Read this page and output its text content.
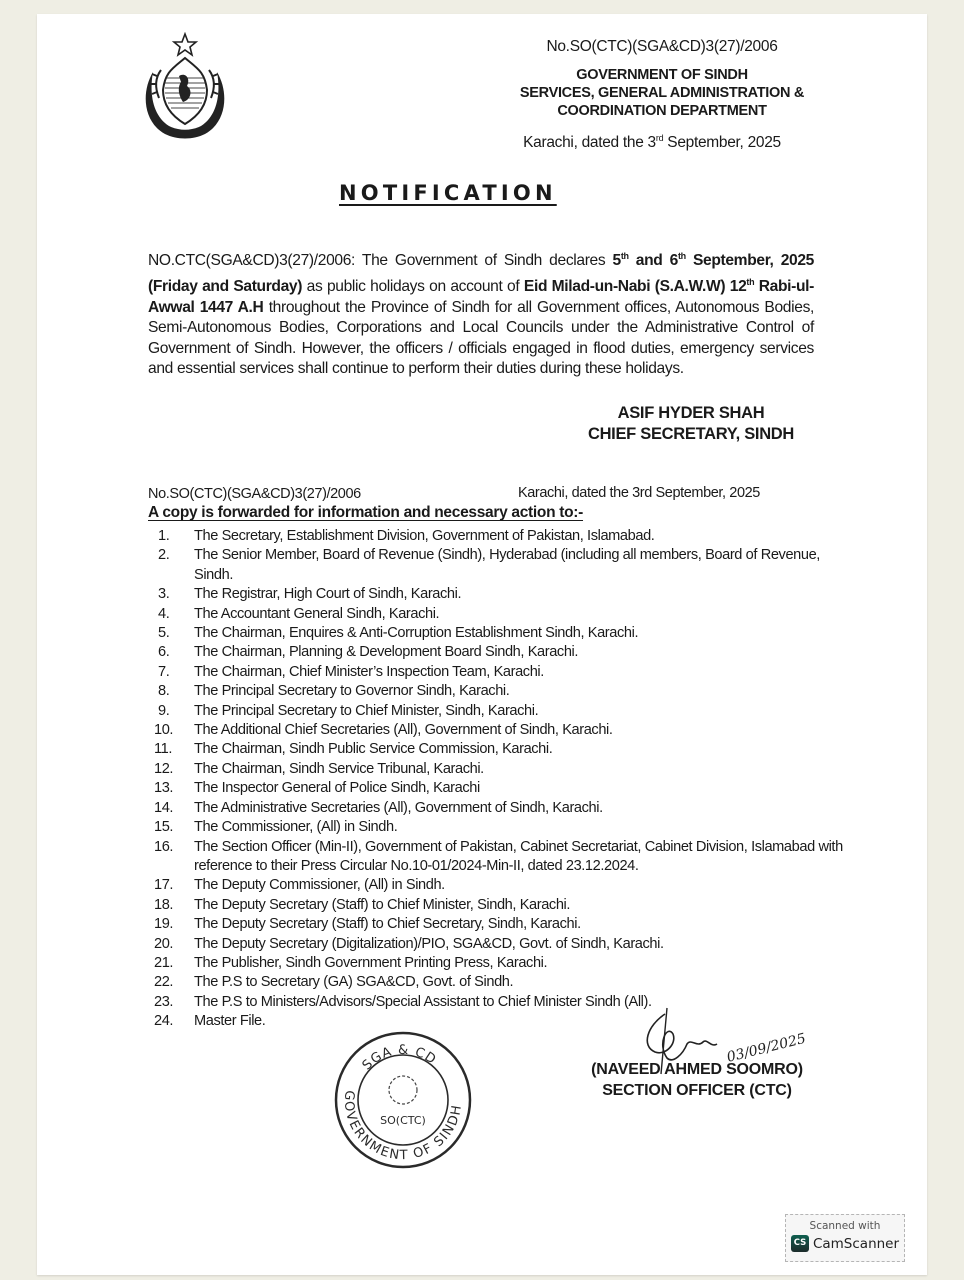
No.SO(CTC)(SGA&CD)3(27)/2006
GOVERNMENT OF SINDH
SERVICES, GENERAL ADMINISTRATION &
COORDINATION DEPARTMENT
Karachi, dated the 3rd September, 2025
NOTIFICATION
NO.CTC(SGA&CD)3(27)/2006: The Government of Sindh declares 5th and 6th September, 2025 (Friday and Saturday) as public holidays on account of Eid Milad-un-Nabi (S.A.W.W) 12th Rabi-ul-Awwal 1447 A.H throughout the Province of Sindh for all Government offices, Autonomous Bodies, Semi-Autonomous Bodies, Corporations and Local Councils under the Administrative Control of Government of Sindh. However, the officers / officials engaged in flood duties, emergency services and essential services shall continue to perform their duties during these holidays.
ASIF HYDER SHAH
CHIEF SECRETARY, SINDH
No.SO(CTC)(SGA&CD)3(27)/2006	Karachi, dated the 3rd September, 2025
A copy is forwarded for information and necessary action to:-
1.	The Secretary, Establishment Division, Government of Pakistan, Islamabad.
2.	The Senior Member, Board of Revenue (Sindh), Hyderabad (including all members, Board of Revenue, Sindh.
3.	The Registrar, High Court of Sindh, Karachi.
4.	The Accountant General Sindh, Karachi.
5.	The Chairman, Enquires & Anti-Corruption Establishment Sindh, Karachi.
6.	The Chairman, Planning & Development Board Sindh, Karachi.
7.	The Chairman, Chief Minister’s Inspection Team, Karachi.
8.	The Principal Secretary to Governor Sindh, Karachi.
9.	The Principal Secretary to Chief Minister, Sindh, Karachi.
10.	The Additional Chief Secretaries (All), Government of Sindh, Karachi.
11.	The Chairman, Sindh Public Service Commission, Karachi.
12.	The Chairman, Sindh Service Tribunal, Karachi.
13.	The Inspector General of Police Sindh, Karachi
14.	The Administrative Secretaries (All), Government of Sindh, Karachi.
15.	The Commissioner, (All) in Sindh.
16.	The Section Officer (Min-II), Government of Pakistan, Cabinet Secretariat, Cabinet Division, Islamabad with reference to their Press Circular No.10-01/2024-Min-II, dated 23.12.2024.
17.	The Deputy Commissioner, (All) in Sindh.
18.	The Deputy Secretary (Staff) to Chief Minister, Sindh, Karachi.
19.	The Deputy Secretary (Staff) to Chief Secretary, Sindh, Karachi.
20.	The Deputy Secretary (Digitalization)/PIO, SGA&CD, Govt. of Sindh, Karachi.
21.	The Publisher, Sindh Government Printing Press, Karachi.
22.	The P.S to Secretary (GA) SGA&CD, Govt. of Sindh.
23.	The P.S to Ministers/Advisors/Special Assistant to Chief Minister Sindh (All).
24.	Master File.
SGA & CD
GOVERNMENT OF SINDH
SO(CTC)
03/09/2025
(NAVEED AHMED SOOMRO)
SECTION OFFICER (CTC)
Scanned with
CS CamScanner
